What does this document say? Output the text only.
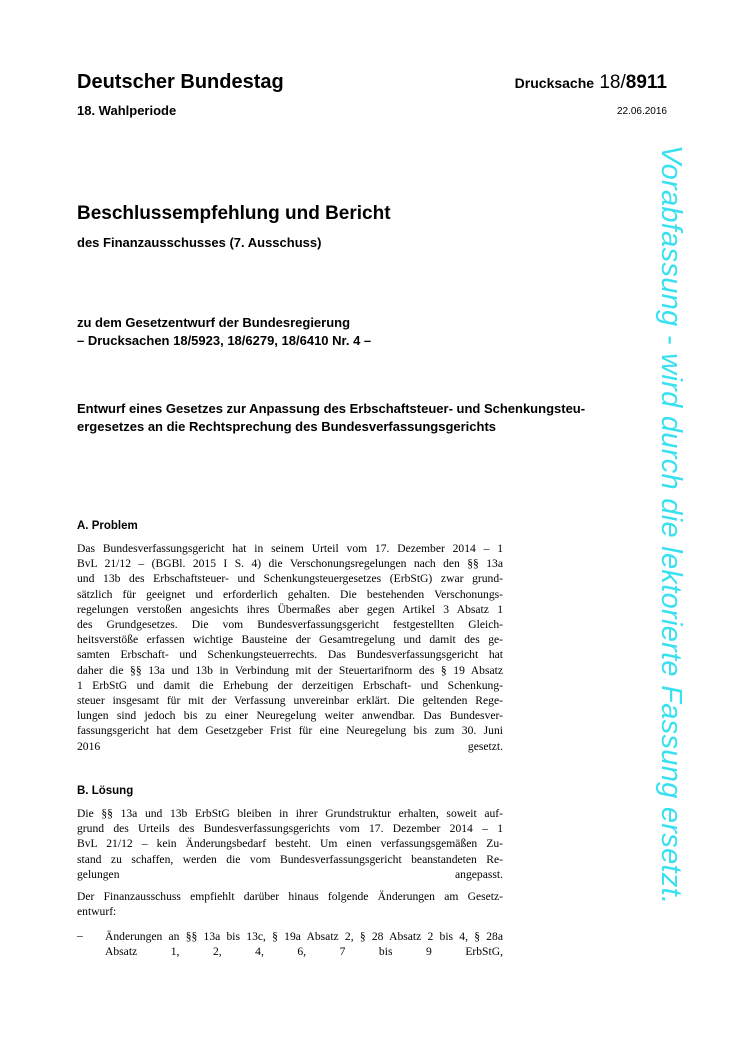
Deutscher Bundestag
18. Wahlperiode
Drucksache 18/8911
22.06.2016
Beschlussempfehlung und Bericht
des Finanzausschusses (7. Ausschuss)
zu dem Gesetzentwurf der Bundesregierung
– Drucksachen 18/5923, 18/6279, 18/6410 Nr. 4 –
Entwurf eines Gesetzes zur Anpassung des Erbschaftsteuer- und Schenkungsteu-
ergesetzes an die Rechtsprechung des Bundesverfassungsgerichts
A. Problem
Das Bundesverfassungsgericht hat in seinem Urteil vom 17. Dezember 2014 – 1
BvL 21/12 – (BGBl. 2015 I S. 4) die Verschonungsregelungen nach den §§ 13a
und 13b des Erbschaftsteuer- und Schenkungsteuergesetzes (ErbStG) zwar grund-
sätzlich für geeignet und erforderlich gehalten. Die bestehenden Verschonungs-
regelungen verstoßen angesichts ihres Übermaßes aber gegen Artikel 3 Absatz 1
des Grundgesetzes. Die vom Bundesverfassungsgericht festgestellten Gleich-
heitsverstöße erfassen wichtige Bausteine der Gesamtregelung und damit des ge-
samten Erbschaft- und Schenkungsteuerrechts. Das Bundesverfassungsgericht hat
daher die §§ 13a und 13b in Verbindung mit der Steuertarifnorm des § 19 Absatz
1 ErbStG und damit die Erhebung der derzeitigen Erbschaft- und Schenkung-
steuer insgesamt für mit der Verfassung unvereinbar erklärt. Die geltenden Rege-
lungen sind jedoch bis zu einer Neuregelung weiter anwendbar. Das Bundesver-
fassungsgericht hat dem Gesetzgeber Frist für eine Neuregelung bis zum 30. Juni
2016 gesetzt.
B. Lösung
Die §§ 13a und 13b ErbStG bleiben in ihrer Grundstruktur erhalten, soweit auf-
grund des Urteils des Bundesverfassungsgerichts vom 17. Dezember 2014 – 1
BvL 21/12 – kein Änderungsbedarf besteht. Um einen verfassungsgemäßen Zu-
stand zu schaffen, werden die vom Bundesverfassungsgericht beanstandeten Re-
gelungen angepasst.
Der Finanzausschuss empfiehlt darüber hinaus folgende Änderungen am Gesetz-
entwurf:
– Änderungen an §§ 13a bis 13c, § 19a Absatz 2, § 28 Absatz 2 bis 4, § 28a
Absatz 1, 2, 4, 6, 7 bis 9 ErbStG,
Vorabfassung - wird durch die lektorierte Fassung ersetzt.
